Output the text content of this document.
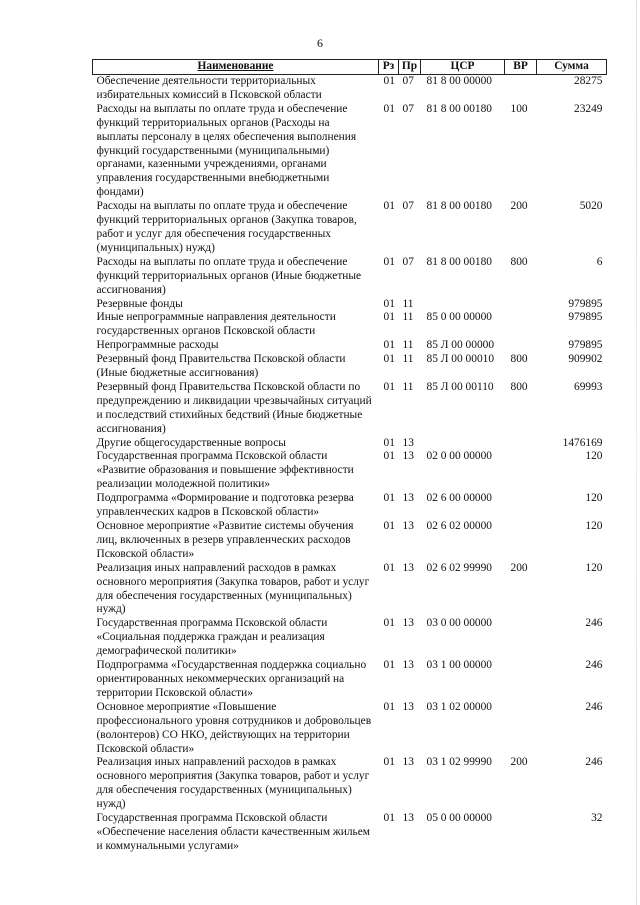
6
Наименование	Рз	Пр	ЦСР	ВР	Сумма
Обеспечение деятельности территориальных избирательных комиссий в Псковской области	01	07	81 8 00 00000		28275
Расходы на выплаты по оплате труда и обеспечение функций территориальных органов (Расходы на выплаты персоналу в целях обеспечения выполнения функций государственными (муниципальными) органами, казенными учреждениями, органами управления государственными внебюджетными фондами)	01	07	81 8 00 00180	100	23249
Расходы на выплаты по оплате труда и обеспечение функций территориальных органов (Закупка товаров, работ и услуг для обеспечения государственных (муниципальных) нужд)	01	07	81 8 00 00180	200	5020
Расходы на выплаты по оплате труда и обеспечение функций территориальных органов (Иные бюджетные ассигнования)	01	07	81 8 00 00180	800	6
Резервные фонды	01	11			979895
Иные непрограммные направления деятельности государственных органов Псковской области	01	11	85 0 00 00000		979895
Непрограммные расходы	01	11	85 Л 00 00000		979895
Резервный фонд Правительства Псковской области (Иные бюджетные ассигнования)	01	11	85 Л 00 00010	800	909902
Резервный фонд Правительства Псковской области по предупреждению и ликвидации чрезвычайных ситуаций и последствий стихийных бедствий (Иные бюджетные ассигнования)	01	11	85 Л 00 00110	800	69993
Другие общегосударственные вопросы	01	13			1476169
Государственная программа Псковской области «Развитие образования и повышение эффективности реализации молодежной политики»	01	13	02 0 00 00000		120
Подпрограмма «Формирование и подготовка резерва управленческих кадров в Псковской области»	01	13	02 6 00 00000		120
Основное мероприятие «Развитие системы обучения лиц, включенных в резерв управленческих расходов Псковской области»	01	13	02 6 02 00000		120
Реализация иных направлений расходов в рамках основного мероприятия (Закупка товаров, работ и услуг для обеспечения государственных (муниципальных) нужд)	01	13	02 6 02 99990	200	120
Государственная программа Псковской области «Социальная поддержка граждан и реализация демографической политики»	01	13	03 0 00 00000		246
Подпрограмма «Государственная поддержка социально ориентированных некоммерческих организаций на территории Псковской области»	01	13	03 1 00 00000		246
Основное мероприятие «Повышение профессионального уровня сотрудников и добровольцев (волонтеров) СО НКО, действующих на территории Псковской области»	01	13	03 1 02 00000		246
Реализация иных направлений расходов в рамках основного мероприятия (Закупка товаров, работ и услуг для обеспечения государственных (муниципальных) нужд)	01	13	03 1 02 99990	200	246
Государственная программа Псковской области «Обеспечение населения области качественным жильем и коммунальными услугами»	01	13	05 0 00 00000		32
